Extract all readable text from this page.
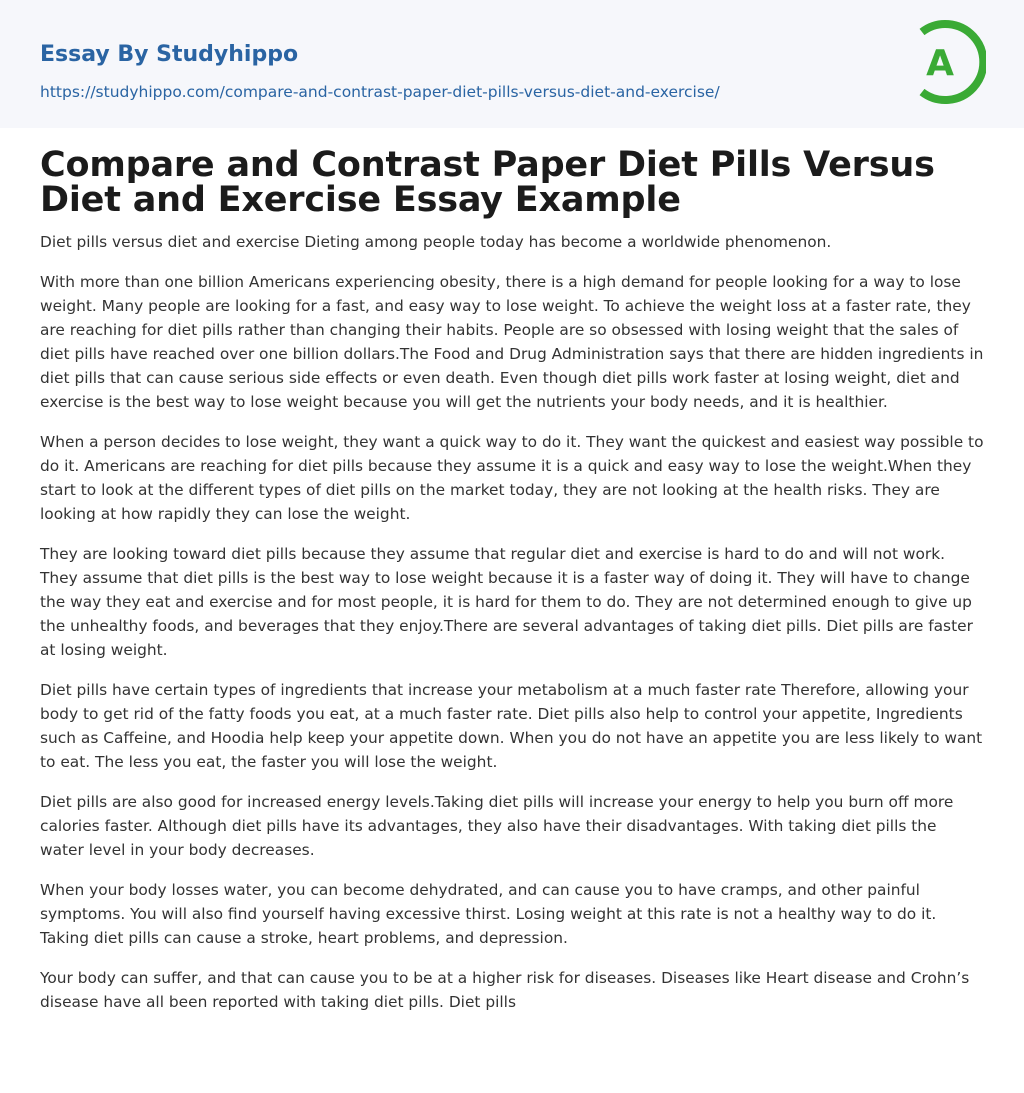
Essay By Studyhippo
https://studyhippo.com/compare-and-contrast-paper-diet-pills-versus-diet-and-exercise/
A
Compare and Contrast Paper Diet Pills Versus Diet and Exercise Essay Example

Diet pills versus diet and exercise Dieting among people today has become a worldwide phenomenon.

With more than one billion Americans experiencing obesity, there is a high demand for people looking for a way to lose weight. Many people are looking for a fast, and easy way to lose weight. To achieve the weight loss at a faster rate, they are reaching for diet pills rather than changing their habits. People are so obsessed with losing weight that the sales of diet pills have reached over one billion dollars.The Food and Drug Administration says that there are hidden ingredients in diet pills that can cause serious side effects or even death. Even though diet pills work faster at losing weight, diet and exercise is the best way to lose weight because you will get the nutrients your body needs, and it is healthier.

When a person decides to lose weight, they want a quick way to do it. They want the quickest and easiest way possible to do it. Americans are reaching for diet pills because they assume it is a quick and easy way to lose the weight.When they start to look at the different types of diet pills on the market today, they are not looking at the health risks. They are looking at how rapidly they can lose the weight.

They are looking toward diet pills because they assume that regular diet and exercise is hard to do and will not work. They assume that diet pills is the best way to lose weight because it is a faster way of doing it. They will have to change the way they eat and exercise and for most people, it is hard for them to do. They are not determined enough to give up the unhealthy foods, and beverages that they enjoy.There are several advantages of taking diet pills. Diet pills are faster at losing weight.

Diet pills have certain types of ingredients that increase your metabolism at a much faster rate Therefore, allowing your body to get rid of the fatty foods you eat, at a much faster rate. Diet pills also help to control your appetite, Ingredients such as Caffeine, and Hoodia help keep your appetite down. When you do not have an appetite you are less likely to want to eat. The less you eat, the faster you will lose the weight.

Diet pills are also good for increased energy levels.Taking diet pills will increase your energy to help you burn off more calories faster. Although diet pills have its advantages, they also have their disadvantages. With taking diet pills the water level in your body decreases.

When your body losses water, you can become dehydrated, and can cause you to have cramps, and other painful symptoms. You will also find yourself having excessive thirst. Losing weight at this rate is not a healthy way to do it. Taking diet pills can cause a stroke, heart problems, and depression.

Your body can suffer, and that can cause you to be at a higher risk for diseases. Diseases like Heart disease and Crohn’s disease have all been reported with taking diet pills. Diet pills
